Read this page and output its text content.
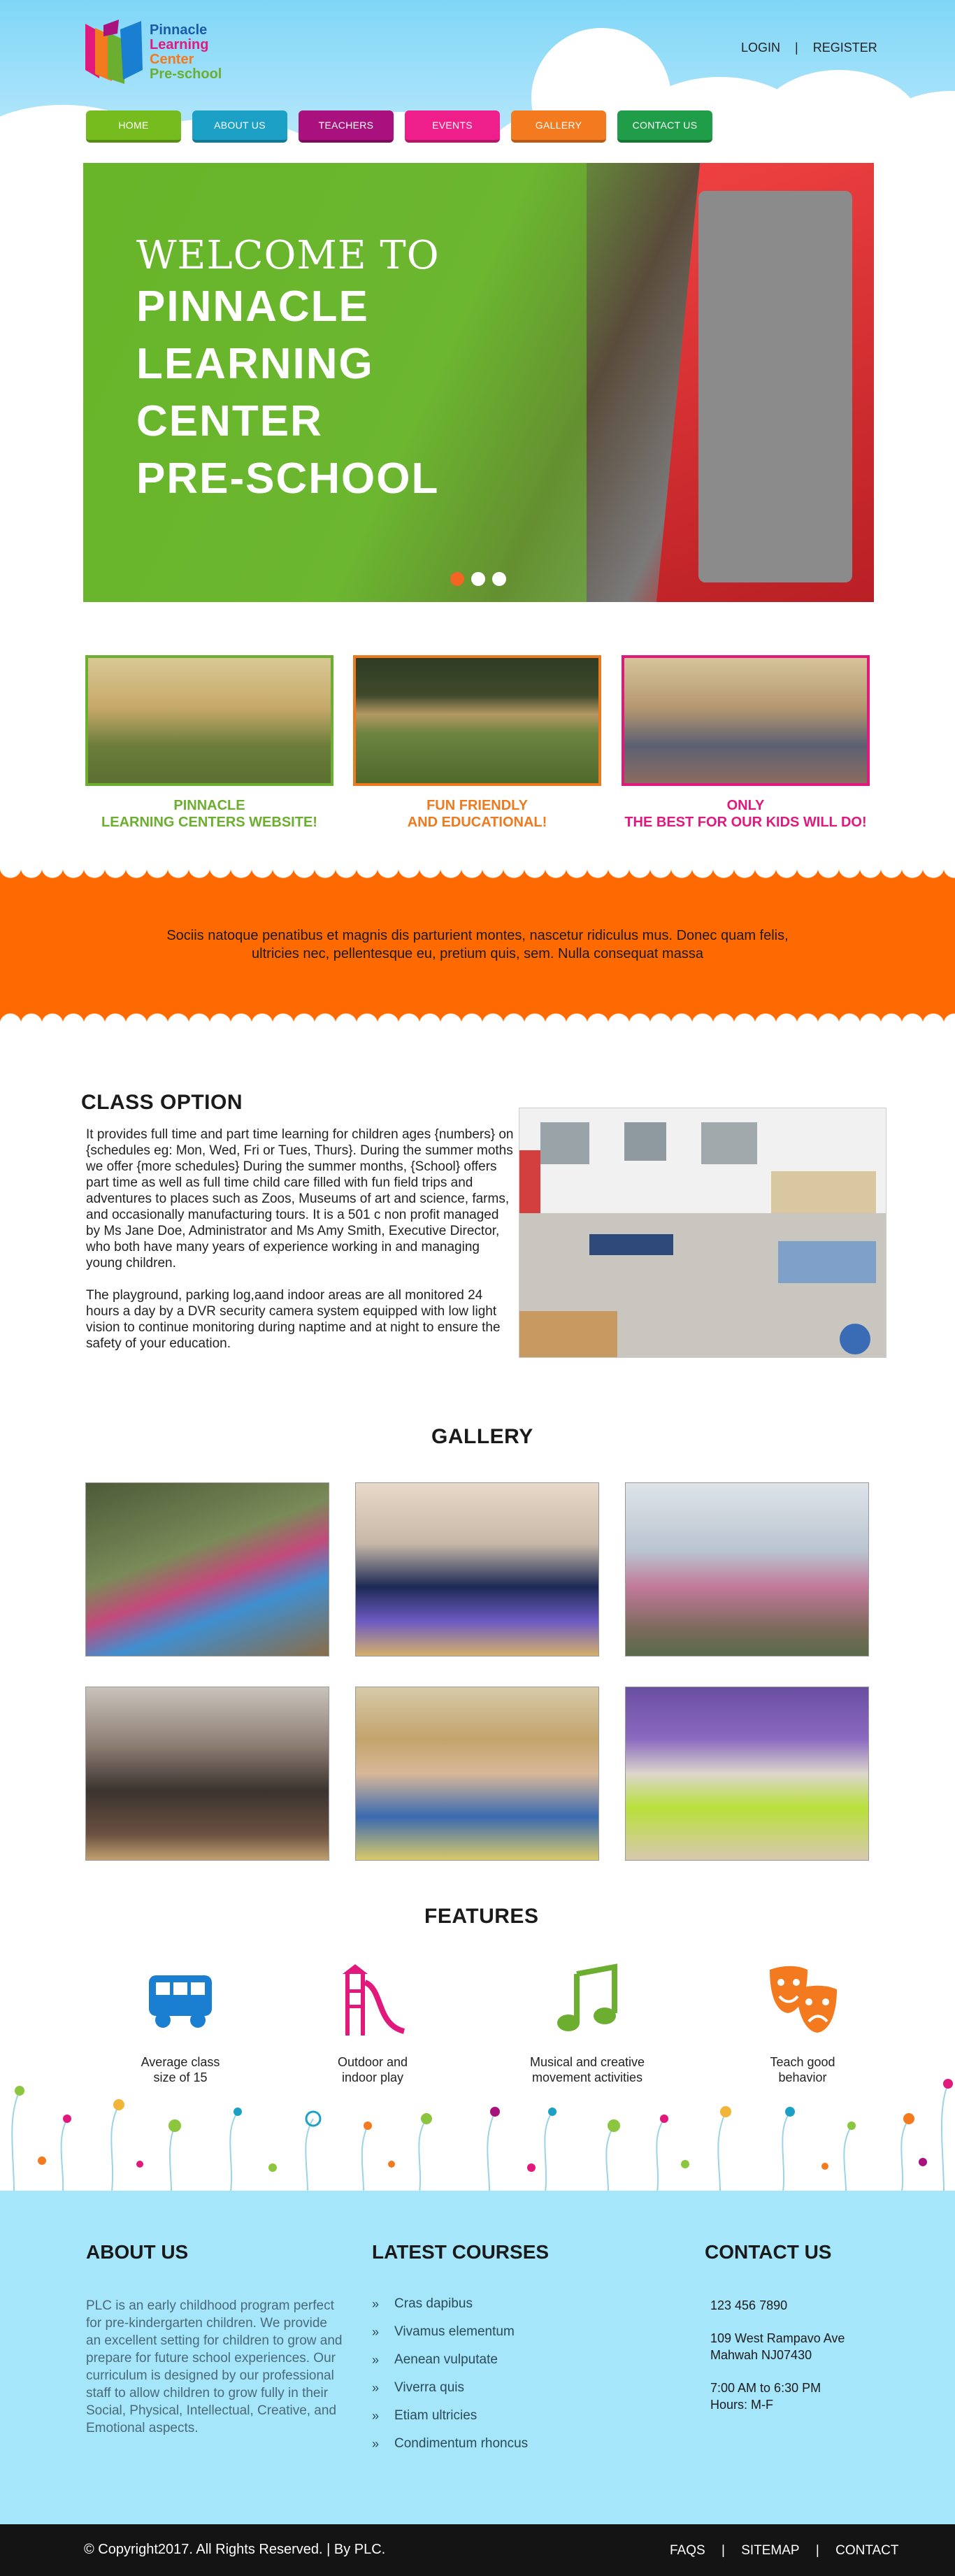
Pinnacle
Learning
Center
Pre-school
LOGIN | REGISTER
HOME	ABOUT US	TEACHERS	EVENTS	GALLERY	CONTACT US
WELCOME TO
PINNACLE
LEARNING
CENTER
PRE-SCHOOL
PINNACLE
LEARNING CENTERS WEBSITE!
FUN FRIENDLY
AND EDUCATIONAL!
ONLY
THE BEST FOR OUR KIDS WILL DO!
Sociis natoque penatibus et magnis dis parturient montes, nascetur ridiculus mus. Donec quam felis,
ultricies nec, pellentesque eu, pretium quis, sem. Nulla consequat massa
CLASS OPTION

It provides full time and part time learning for children ages {numbers} on {schedules eg: Mon, Wed, Fri or Tues, Thurs}. During the summer moths we offer {more schedules} During the summer months, {School} offers part time as well as full time child care filled with fun field trips and adventures to places such as Zoos, Museums of art and science, farms, and occasionally manufacturing tours. It is a 501 c non profit managed by Ms Jane Doe, Administrator and Ms Amy Smith, Executive Director, who both have many years of experience working in and managing young children.

The playground, parking log,aand indoor areas are all monitored 24 hours a day by a DVR security camera system equipped with low light vision to continue monitoring during naptime and at night to ensure the safety of your education.

GALLERY
FEATURES
Average class
size of 15
Outdoor and
indoor play
Musical and creative
movement activities
Teach good
behavior
ABOUT US
PLC is an early childhood program perfect for pre-kindergarten children. We provide an excellent setting for children to grow and prepare for future school experiences. Our curriculum is designed by our professional staff to allow children to grow fully in their Social, Physical, Intellectual, Creative, and Emotional aspects.
LATEST COURSES
» Cras dapibus
» Vivamus elementum
» Aenean vulputate
» Viverra quis
» Etiam ultricies
» Condimentum rhoncus
CONTACT US

123 456 7890

109 West Rampavo Ave
Mahwah NJ07430

7:00 AM to 6:30 PM
Hours: M-F

© Copyright2017. All Rights Reserved. | By PLC.	FAQS | SITEMAP | CONTACT
